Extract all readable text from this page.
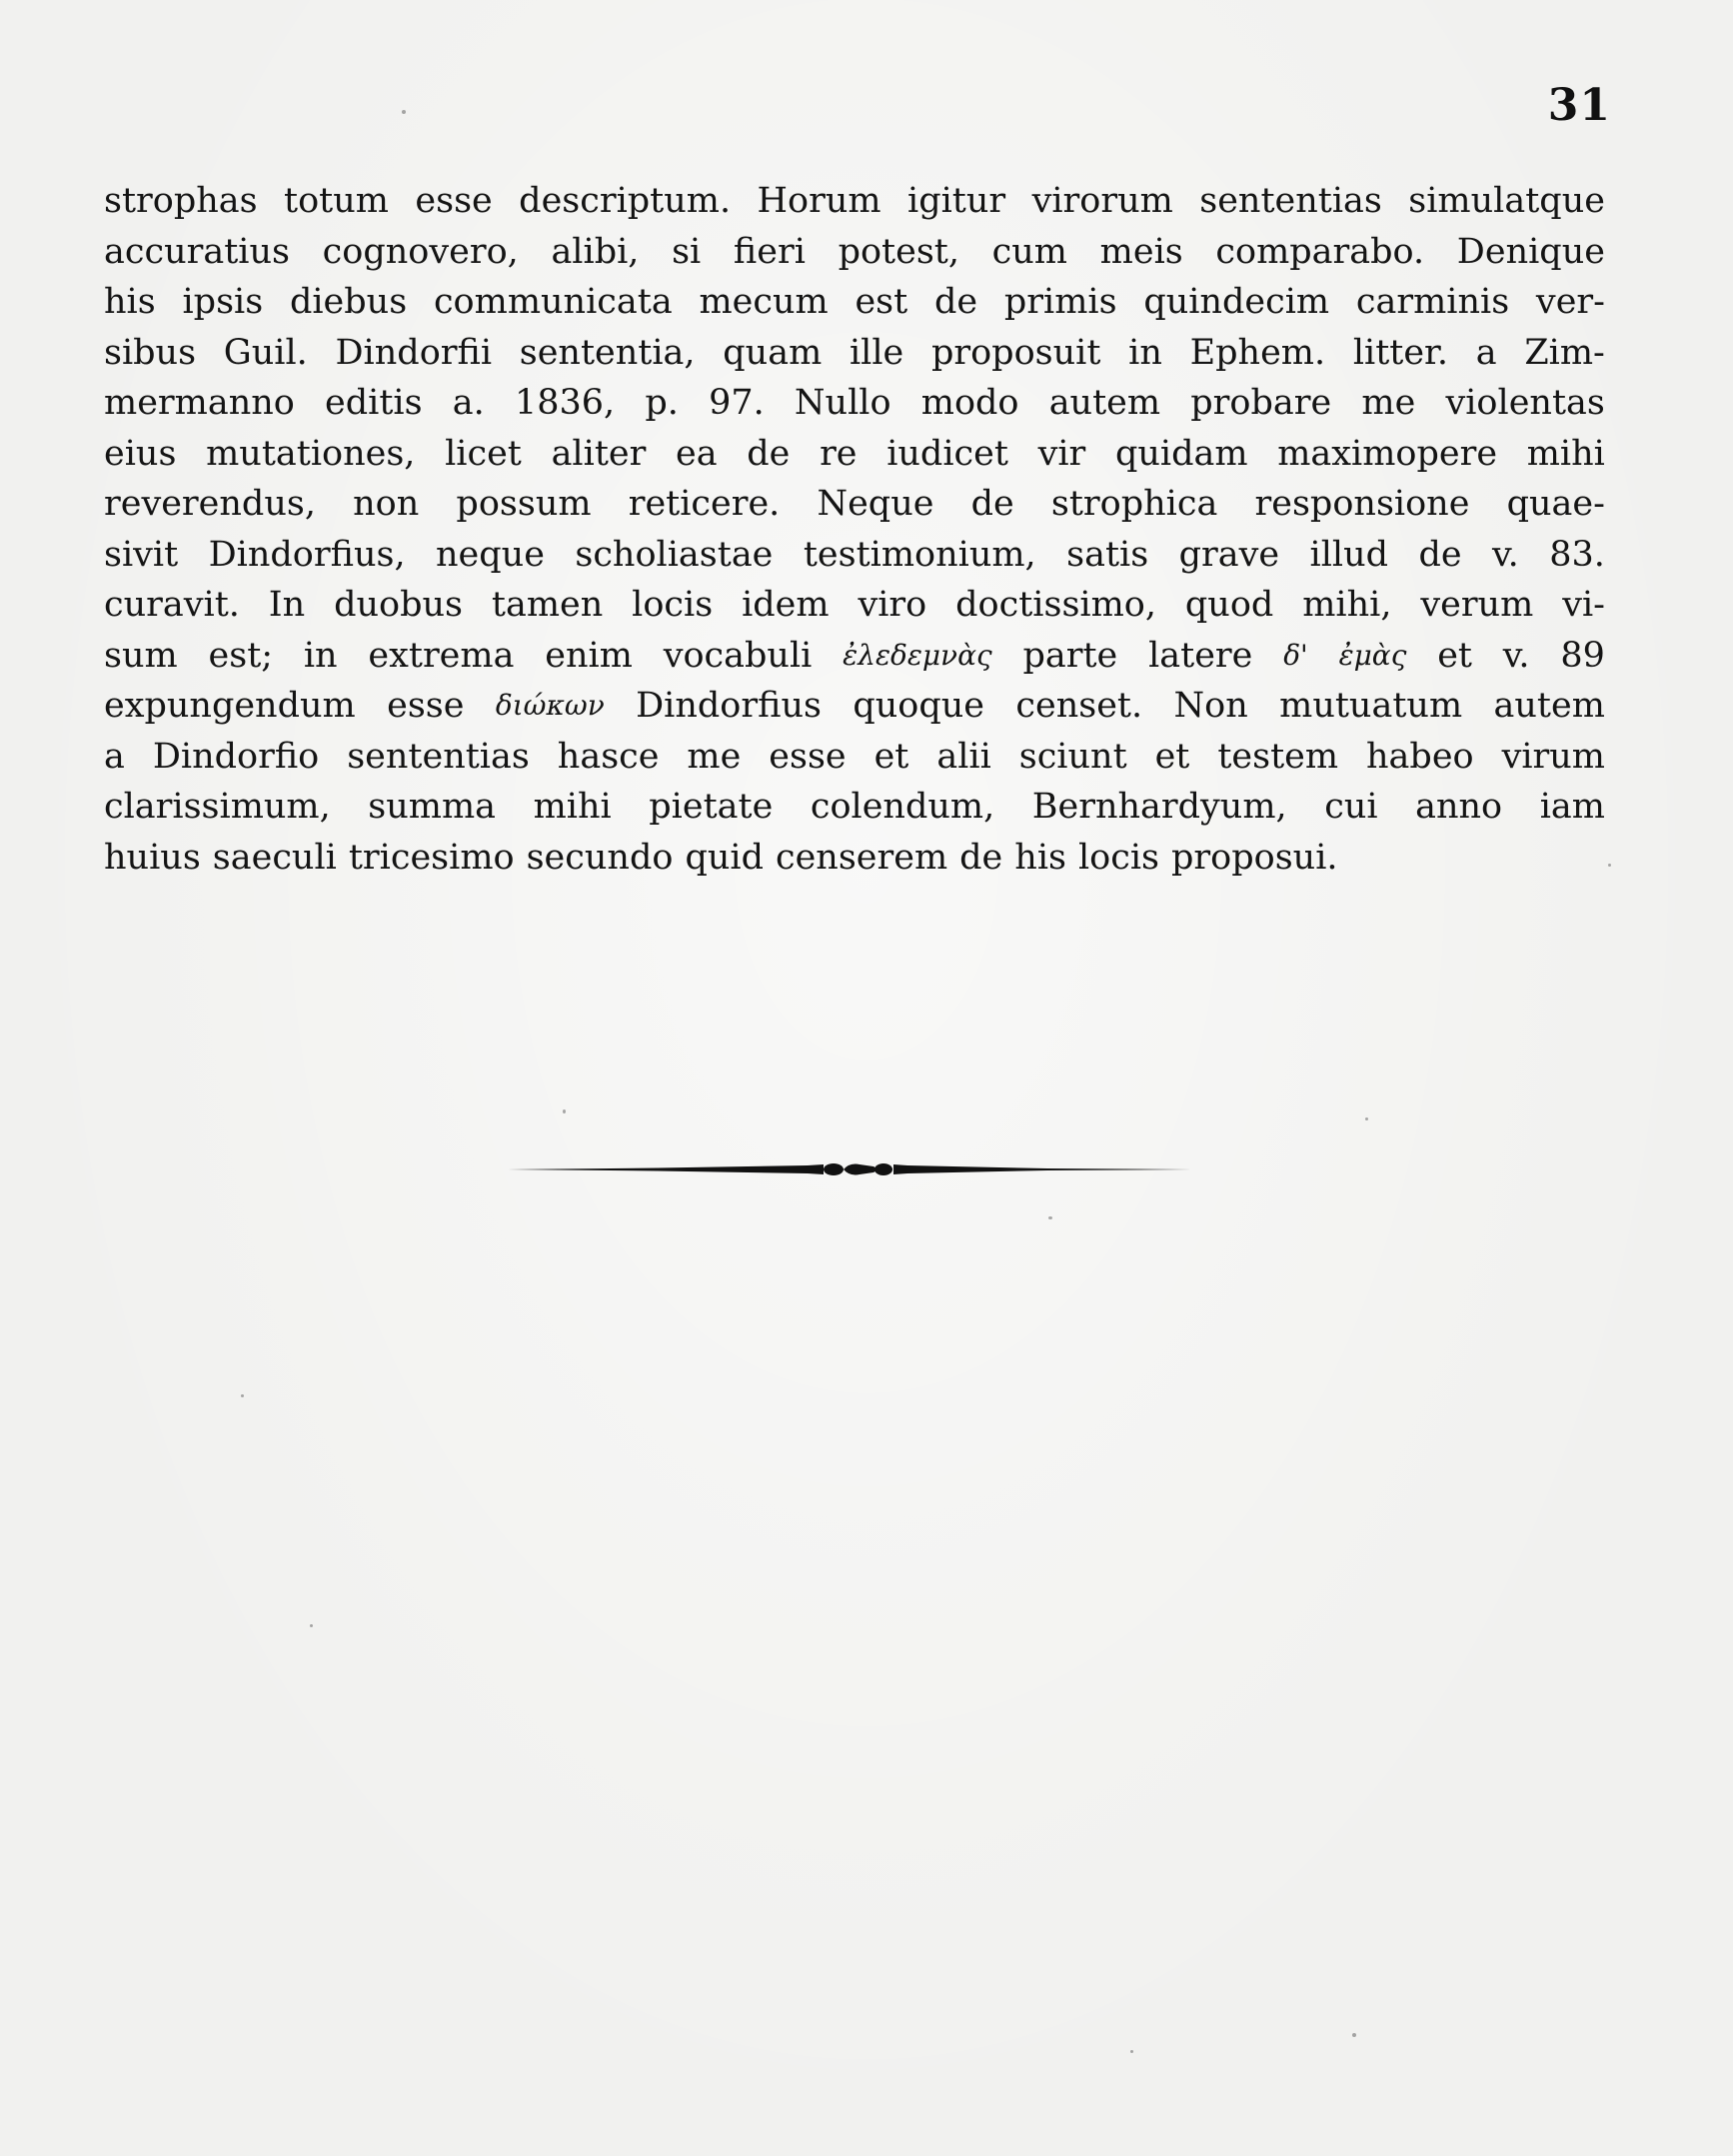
31
strophas totum esse descriptum. Horum igitur virorum sententias simulatque
accuratius cognovero, alibi, si fieri potest, cum meis comparabo. Denique
his ipsis diebus communicata mecum est de primis quindecim carminis ver-
sibus Guil. Dindorfii sententia, quam ille proposuit in Ephem. litter. a Zim-
mermanno editis a. 1836, p. 97. Nullo modo autem probare me violentas
eius mutationes, licet aliter ea de re iudicet vir quidam maximopere mihi
reverendus, non possum reticere. Neque de strophica responsione quae-
sivit Dindorfius, neque scholiastae testimonium, satis grave illud de v. 83.
curavit. In duobus tamen locis idem viro doctissimo, quod mihi, verum vi-
sum est; in extrema enim vocabuli ἐλεδεμνὰς parte latere δ' ἐμὰς et v. 89
expungendum esse διώκων Dindorfius quoque censet. Non mutuatum autem
a Dindorfio sententias hasce me esse et alii sciunt et testem habeo virum
clarissimum, summa mihi pietate colendum, Bernhardyum, cui anno iam
huius saeculi tricesimo secundo quid censerem de his locis proposui.
